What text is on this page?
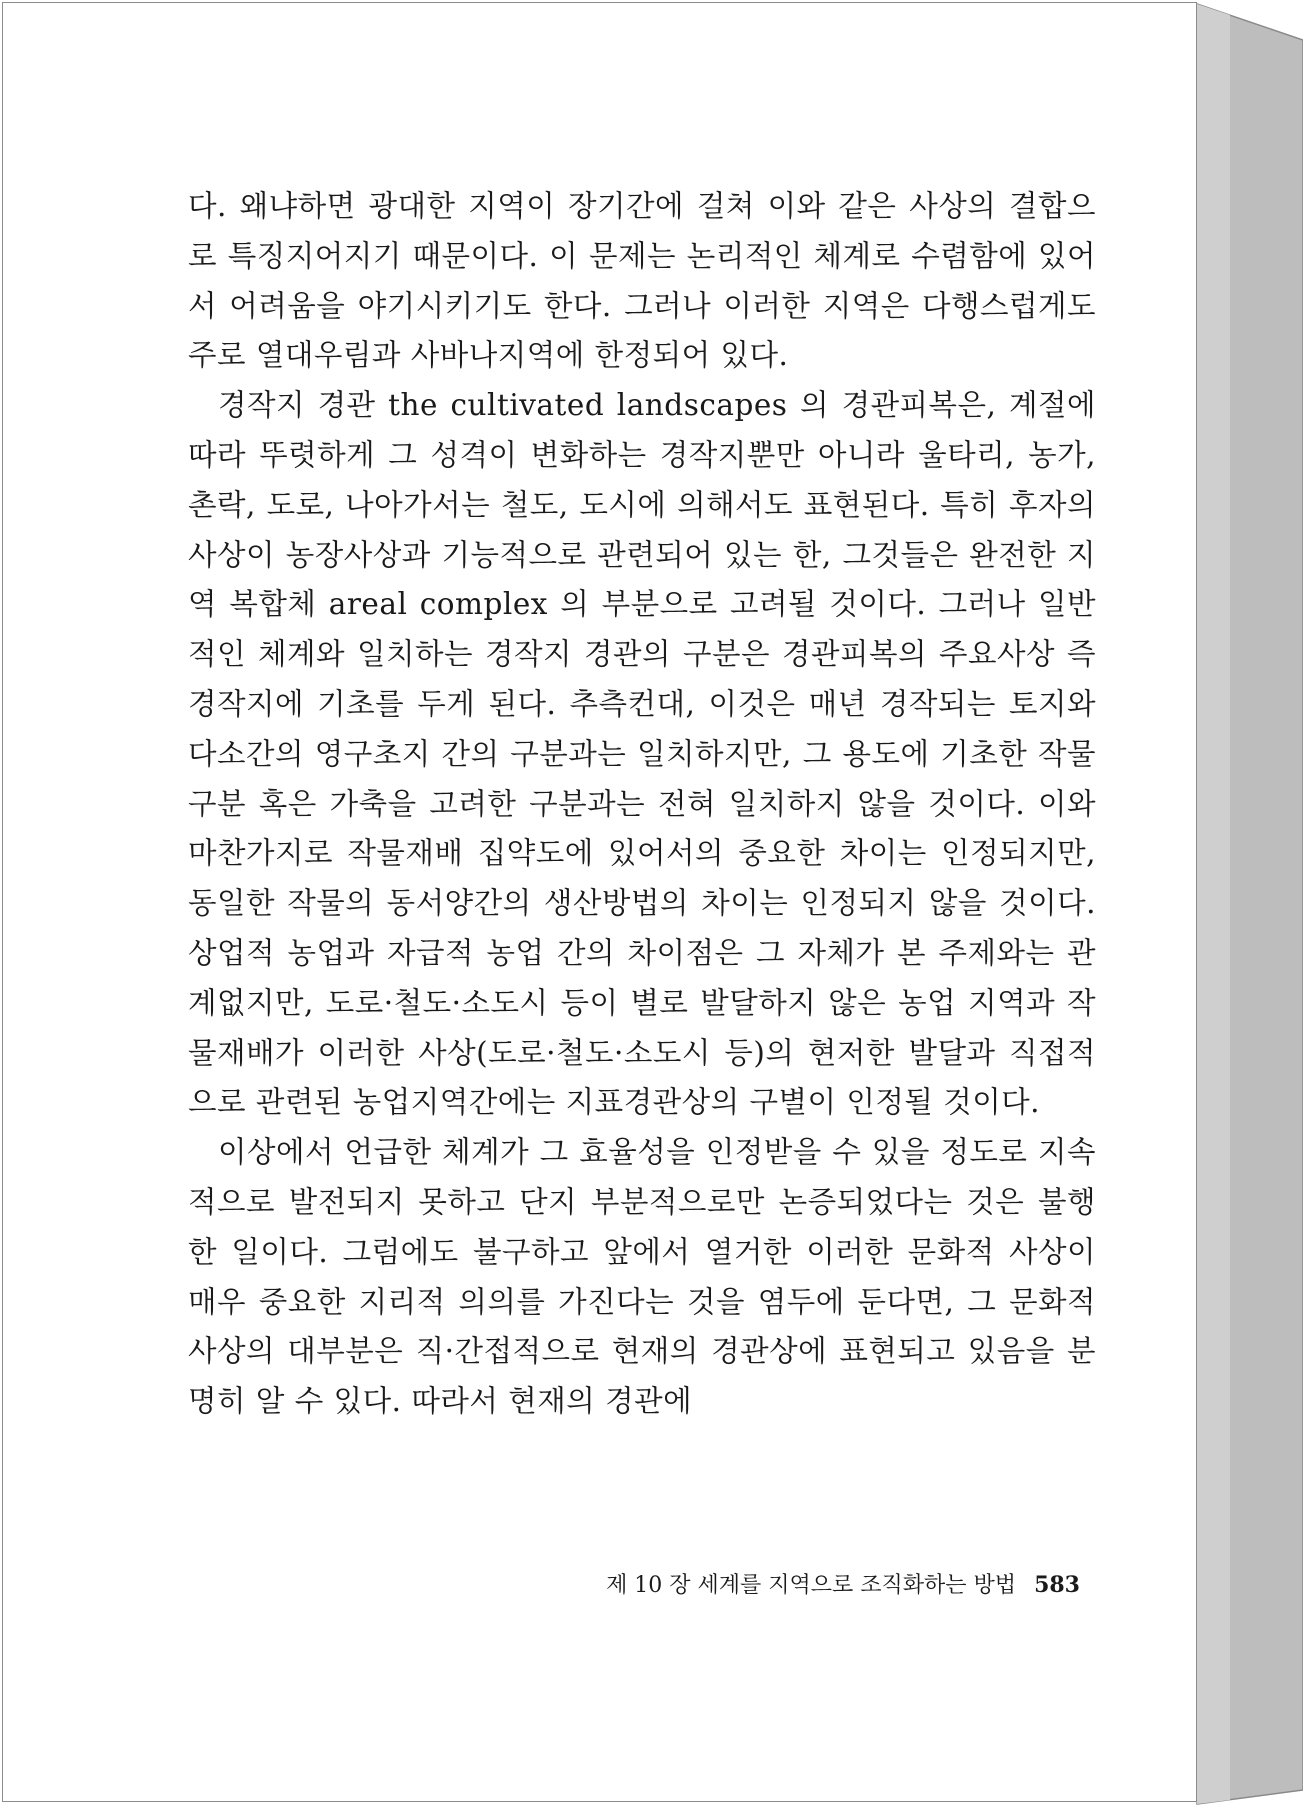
다. 왜냐하면 광대한 지역이 장기간에 걸쳐 이와 같은 사상의 결합으로 특징지어지기 때문이다. 이 문제는 논리적인 체계로 수렴함에 있어서 어려움을 야기시키기도 한다. 그러나 이러한 지역은 다행스럽게도 주로 열대우림과 사바나지역에 한정되어 있다.

경작지 경관 the cultivated landscapes 의 경관피복은, 계절에 따라 뚜렷하게 그 성격이 변화하는 경작지뿐만 아니라 울타리, 농가, 촌락, 도로, 나아가서는 철도, 도시에 의해서도 표현된다. 특히 후자의 사상이 농장사상과 기능적으로 관련되어 있는 한, 그것들은 완전한 지역 복합체 areal complex 의 부분으로 고려될 것이다. 그러나 일반적인 체계와 일치하는 경작지 경관의 구분은 경관피복의 주요사상 즉 경작지에 기초를 두게 된다. 추측컨대, 이것은 매년 경작되는 토지와 다소간의 영구초지 간의 구분과는 일치하지만, 그 용도에 기초한 작물구분 혹은 가축을 고려한 구분과는 전혀 일치하지 않을 것이다. 이와 마찬가지로 작물재배 집약도에 있어서의 중요한 차이는 인정되지만, 동일한 작물의 동서양간의 생산방법의 차이는 인정되지 않을 것이다. 상업적 농업과 자급적 농업 간의 차이점은 그 자체가 본 주제와는 관계없지만, 도로·철도·소도시 등이 별로 발달하지 않은 농업 지역과 작물재배가 이러한 사상(도로·철도·소도시 등)의 현저한 발달과 직접적으로 관련된 농업지역간에는 지표경관상의 구별이 인정될 것이다.

이상에서 언급한 체계가 그 효율성을 인정받을 수 있을 정도로 지속적으로 발전되지 못하고 단지 부분적으로만 논증되었다는 것은 불행한 일이다. 그럼에도 불구하고 앞에서 열거한 이러한 문화적 사상이 매우 중요한 지리적 의의를 가진다는 것을 염두에 둔다면, 그 문화적 사상의 대부분은 직·간접적으로 현재의 경관상에 표현되고 있음을 분명히 알 수 있다. 따라서 현재의 경관에

제 10 장 세계를 지역으로 조직화하는 방법 583
